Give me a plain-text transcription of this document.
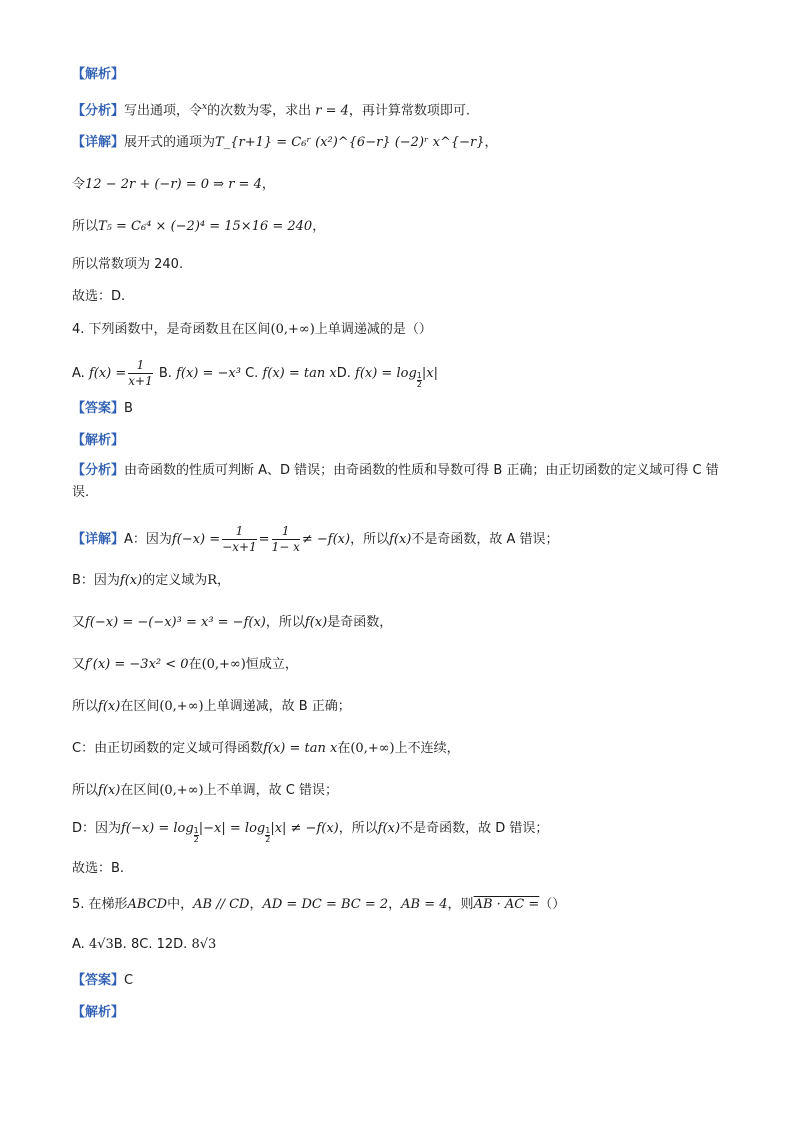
【解析】
【分析】写出通项，令$^x$的次数为零，求出 r = 4，再计算常数项即可.
【详解】展开式的通项为T_{r+1} = C₆ʳ (x²)^{6−r} (−2)ʳ x^{−r}，
令12 − 2r + (−r) = 0 ⇒ r = 4，
所以T₅ = C₆⁴ × (−2)⁴ = 15×16 = 240，
所以常数项为 240.
故选：D.
4. 下列函数中，是奇函数且在区间(0,+∞)上单调递减的是（）
A. $f(x) = \frac{1}{x+1} B$. f(x) = −x³ C. f(x) = tan xD. $f(x) = \log \frac{1}{2} |x|$
【答案】B
【解析】
【分析】由奇函数的性质可判断 A、D 错误；由奇函数的性质和导数可得 B 正确；由正切函数的定义域可得 C 错误.
【详解】A：因为$f(-x) = \frac{1}{-x+1} = \frac{1}{1- x} \ne -f(x)$，所以f(x)不是奇函数，故 A 错误；
B：因为f(x)的定义域为R，
又f(−x) = −(−x)³ = x³ = −f(x)，所以f(x)是奇函数，
又f′(x) = −3x² < 0在(0,+∞)恒成立，
所以f(x)在区间(0,+∞)上单调递减，故 B 正确；
C：由正切函数的定义域可得函数f(x) = tan x在(0,+∞)上不连续，
所以f(x)在区间(0,+∞)上不单调，故 C 错误；
D：因为$f(-x) = \log \frac{1}{2} |-x| = \log \frac{1}{2} |x| \ne -f(x)$，所以f(x)不是奇函数，故 D 错误；
故选：B.
5. 在梯形ABCD中，AB // CD，AD = DC = BC = 2，AB = 4，则AB · AC =（）
A. 4√3B. 8C. 12D. 8√3
【答案】C
【解析】
